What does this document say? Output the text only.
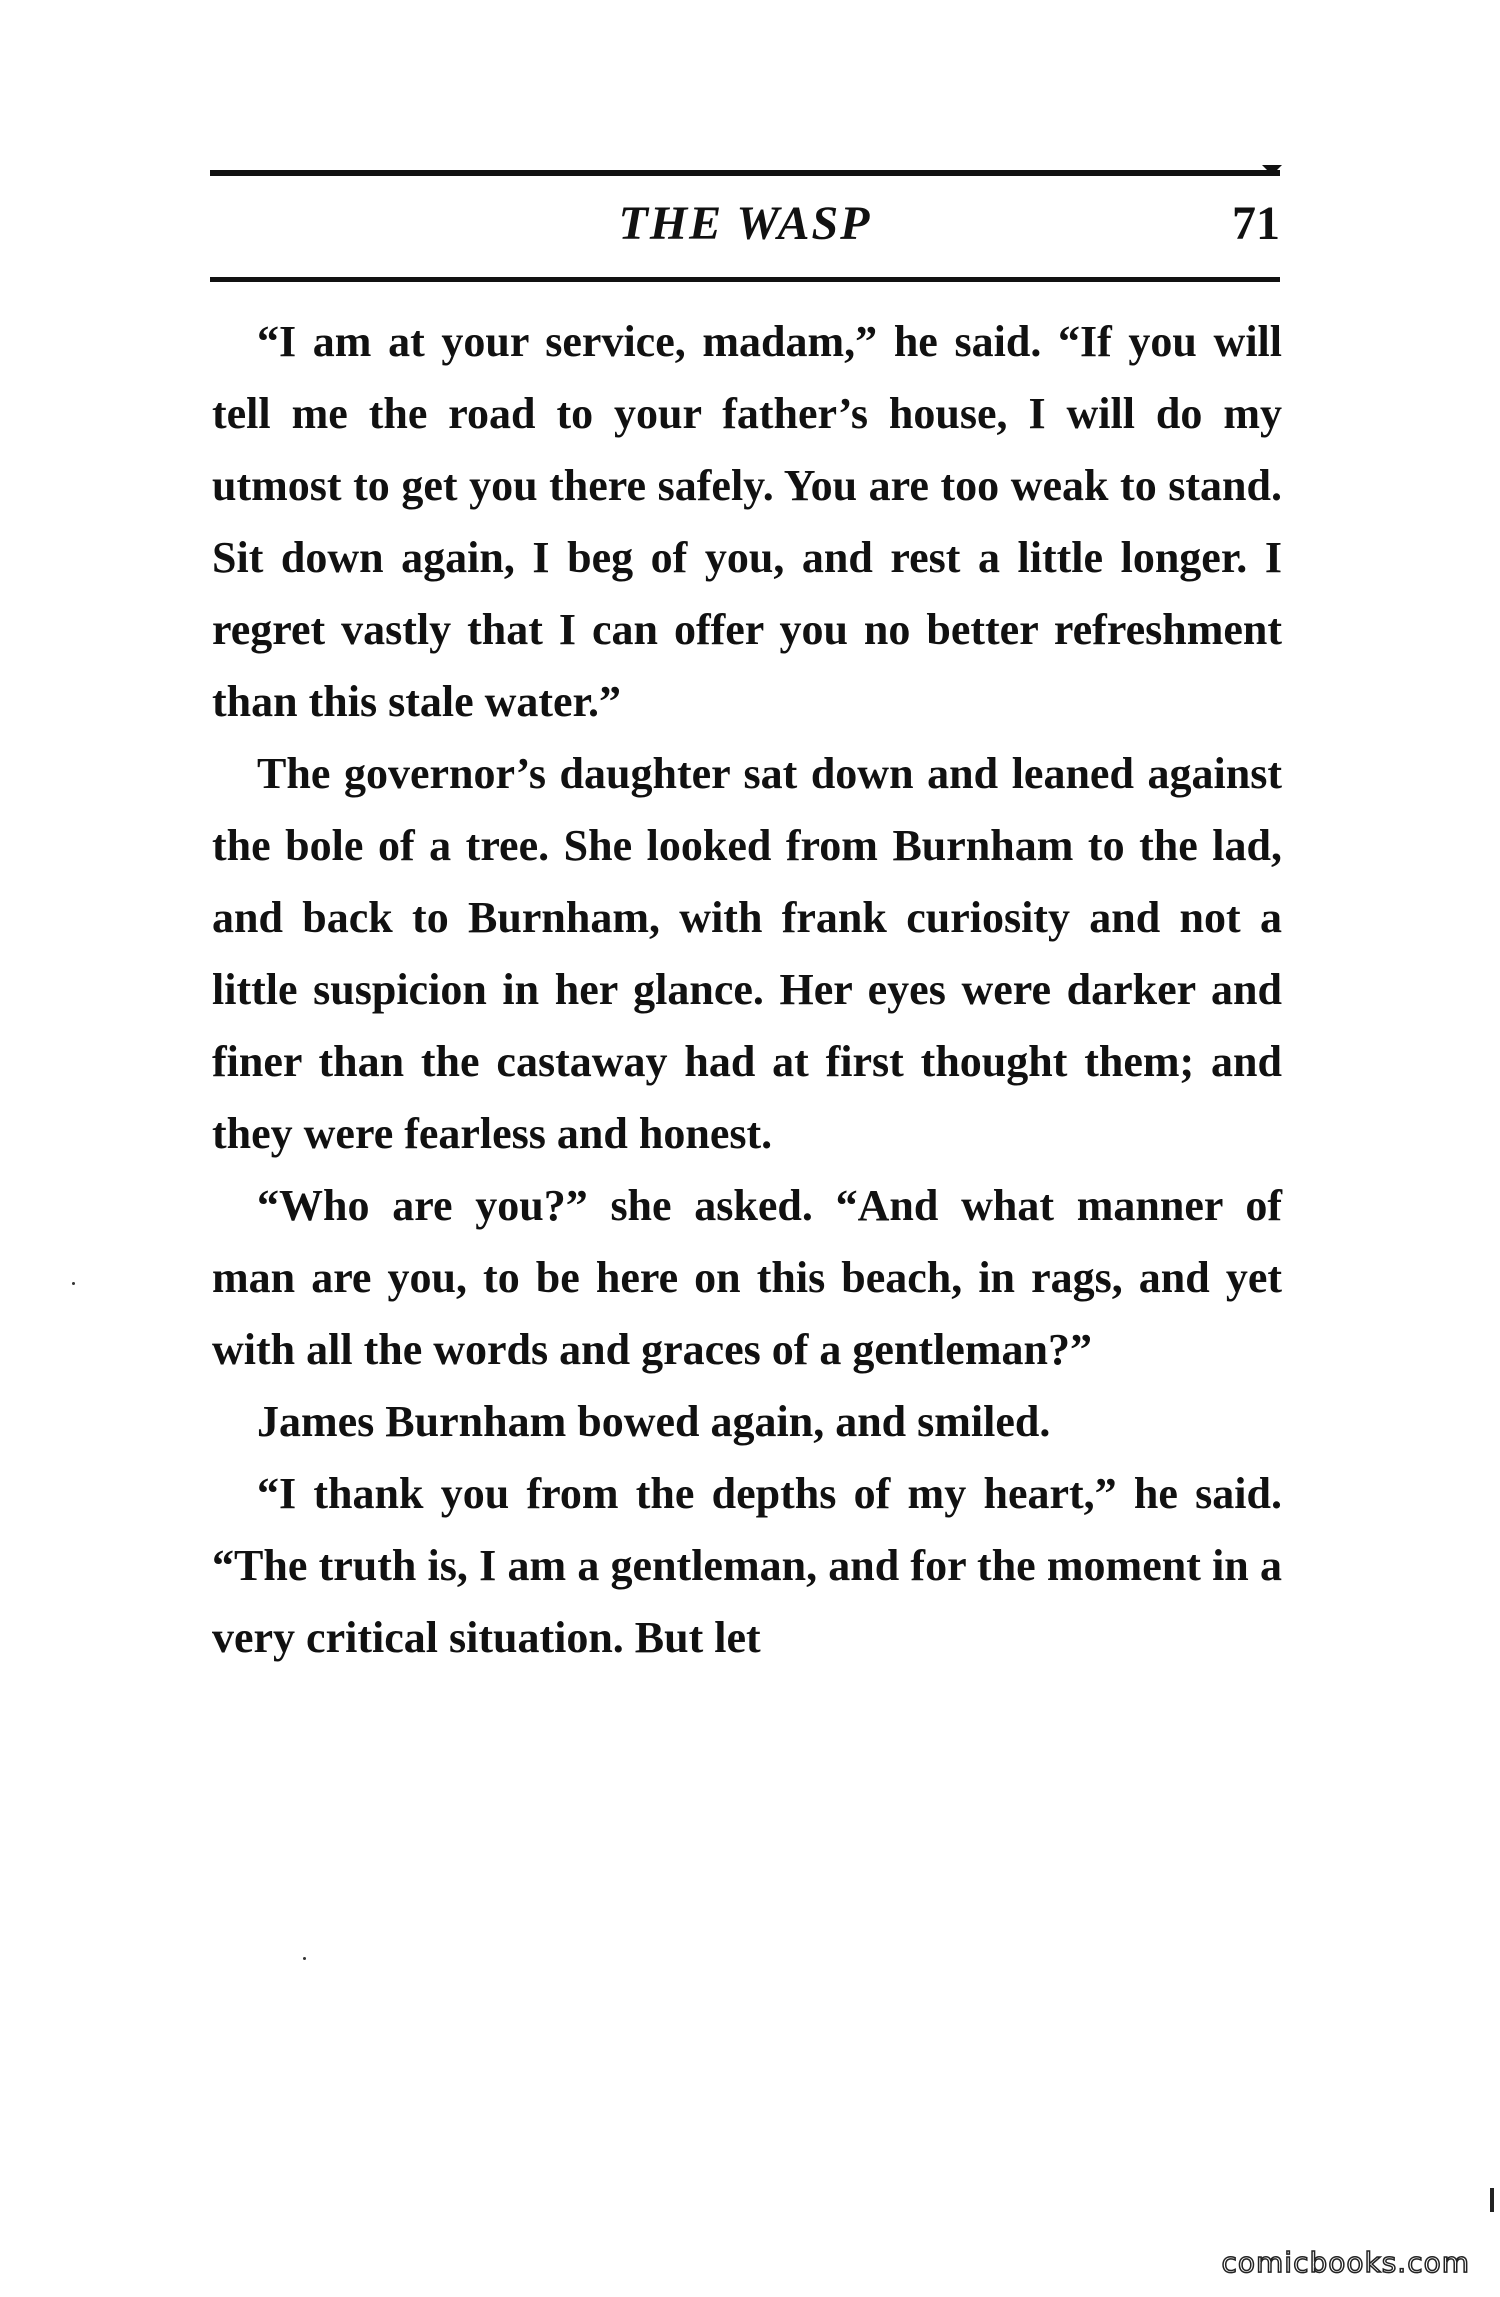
THE WASP	71

“I am at your service, madam,” he said. “If you will tell me the road to your father’s house, I will do my utmost to get you there safely. You are too weak to stand. Sit down again, I beg of you, and rest a little longer. I regret vastly that I can offer you no better refreshment than this stale water.”

The governor’s daughter sat down and leaned against the bole of a tree. She looked from Burnham to the lad, and back to Burnham, with frank curiosity and not a little suspicion in her glance. Her eyes were darker and finer than the castaway had at first thought them; and they were fearless and honest.

“Who are you?” she asked. “And what manner of man are you, to be here on this beach, in rags, and yet with all the words and graces of a gentleman?”

James Burnham bowed again, and smiled.

“I thank you from the depths of my heart,” he said. “The truth is, I am a gentleman, and for the moment in a very critical situation. But let

comicbooks.com
